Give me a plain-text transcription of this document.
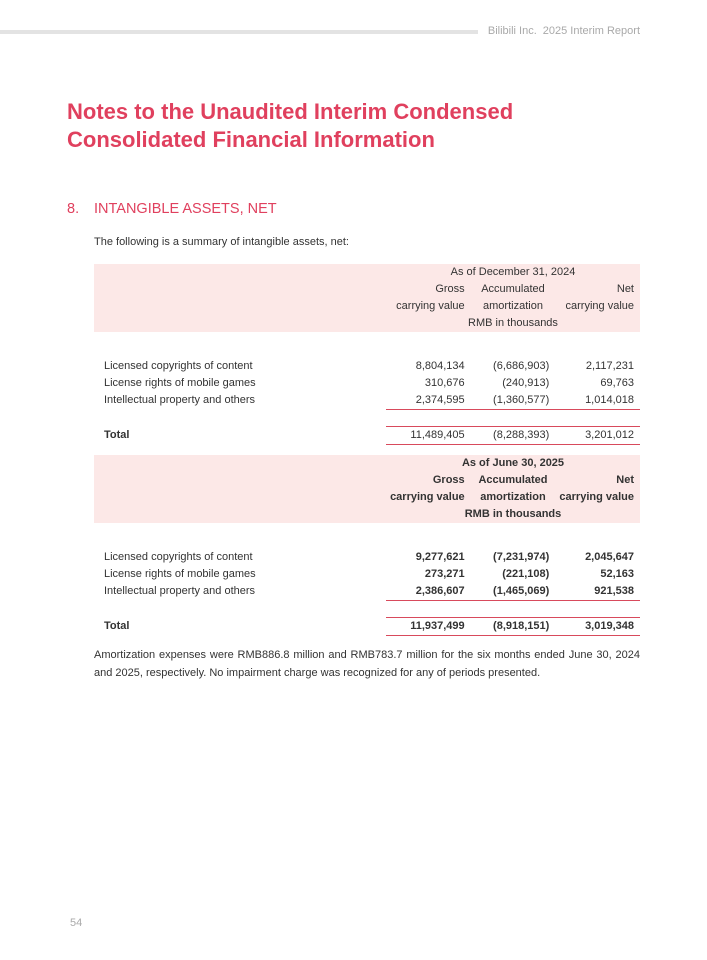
Bilibili Inc. 2025 Interim Report
Notes to the Unaudited Interim Condensed Consolidated Financial Information
8. INTANGIBLE ASSETS, NET
The following is a summary of intangible assets, net:
	As of December 31, 2024		
	Gross	Accumulated	Net
	carrying value	amortization	carrying value
	RMB in thousands		

Licensed copyrights of content	8,804,134	(6,686,903)	2,117,231
License rights of mobile games	310,676	(240,913)	69,763
Intellectual property and others	2,374,595	(1,360,577)	1,014,018

Total	11,489,405	(8,288,393)	3,201,012
	As of June 30, 2025		
	Gross	Accumulated	Net
	carrying value	amortization	carrying value
	RMB in thousands		

Licensed copyrights of content	9,277,621	(7,231,974)	2,045,647
License rights of mobile games	273,271	(221,108)	52,163
Intellectual property and others	2,386,607	(1,465,069)	921,538

Total	11,937,499	(8,918,151)	3,019,348
Amortization expenses were RMB886.8 million and RMB783.7 million for the six months ended June 30, 2024 and 2025, respectively. No impairment charge was recognized for any of periods presented.
54
